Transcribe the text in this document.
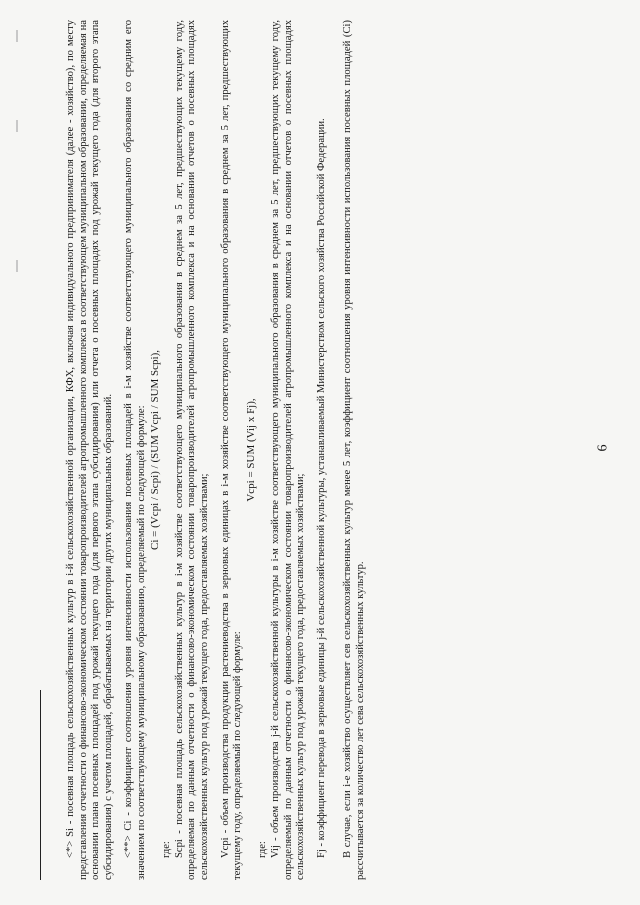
6

<*> Si - посевная площадь сельскохозяйственных культур в i-й сельскохозяйственной организации, КФХ, включая индивидуального предпринимателя (далее - хозяйство), по месту представления отчетности о финансово-экономическом состоянии товаропроизводителей агропромышленного комплекса в соответствующем муниципальном образовании, определяемая на основании плана посевных площадей под урожай текущего года (для первого этапа субсидирования) или отчета о посевных площадях под урожай текущего года (для второго этапа субсидирования) с учетом площадей, обрабатываемых на территории других муниципальных образований. <**> Ci - коэффициент соотношения уровня интенсивности использования посевных площадей в i-м хозяйстве соответствующего муниципального образования со средним его значением по соответствующему муниципальному образованию, определяемый по следующей формуле: Ci = (Vcpi / Scpi) / (SUM Vcpi / SUM Scpi),

где: Scpi - посевная площадь сельскохозяйственных культур в i-м хозяйстве соответствующего муниципального образования в среднем за 5 лет, предшествующих текущему году, определяемая по данным отчетности о финансово-экономическом состоянии товаропроизводителей агропромышленного комплекса и на основании отчетов о посевных площадях сельскохозяйственных культур под урожай текущего года, предоставляемых хозяйствами; Vcpi - объем производства продукции растениеводства в зерновых единицах в i-м хозяйстве соответствующего муниципального образования в среднем за 5 лет, предшествующих текущему году, определяемый по следующей формуле:

Vcpi = SUM (Vij x Fj),

где: Vij - объем производства j-й сельскохозяйственной культуры в i-м хозяйстве соответствующего муниципального образования в среднем за 5 лет, предшествующих текущему году, определяемый по данным отчетности о финансово-экономическом состоянии товаропроизводителей агропромышленного комплекса и на основании отчетов о посевных площадях сельскохозяйственных культур под урожай текущего года, предоставляемых хозяйствами; Fj - коэффициент перевода в зерновые единицы j-й сельскохозяйственной культуры, устанавливаемый Министерством сельского хозяйства Российской Федерации. В случае, если i-е хозяйство осуществляет сев сельскохозяйственных культур менее 5 лет, коэффициент соотношения уровня интенсивности использования посевных площадей (Ci) рассчитывается за количество лет сева сельскохозяйственных культур.
